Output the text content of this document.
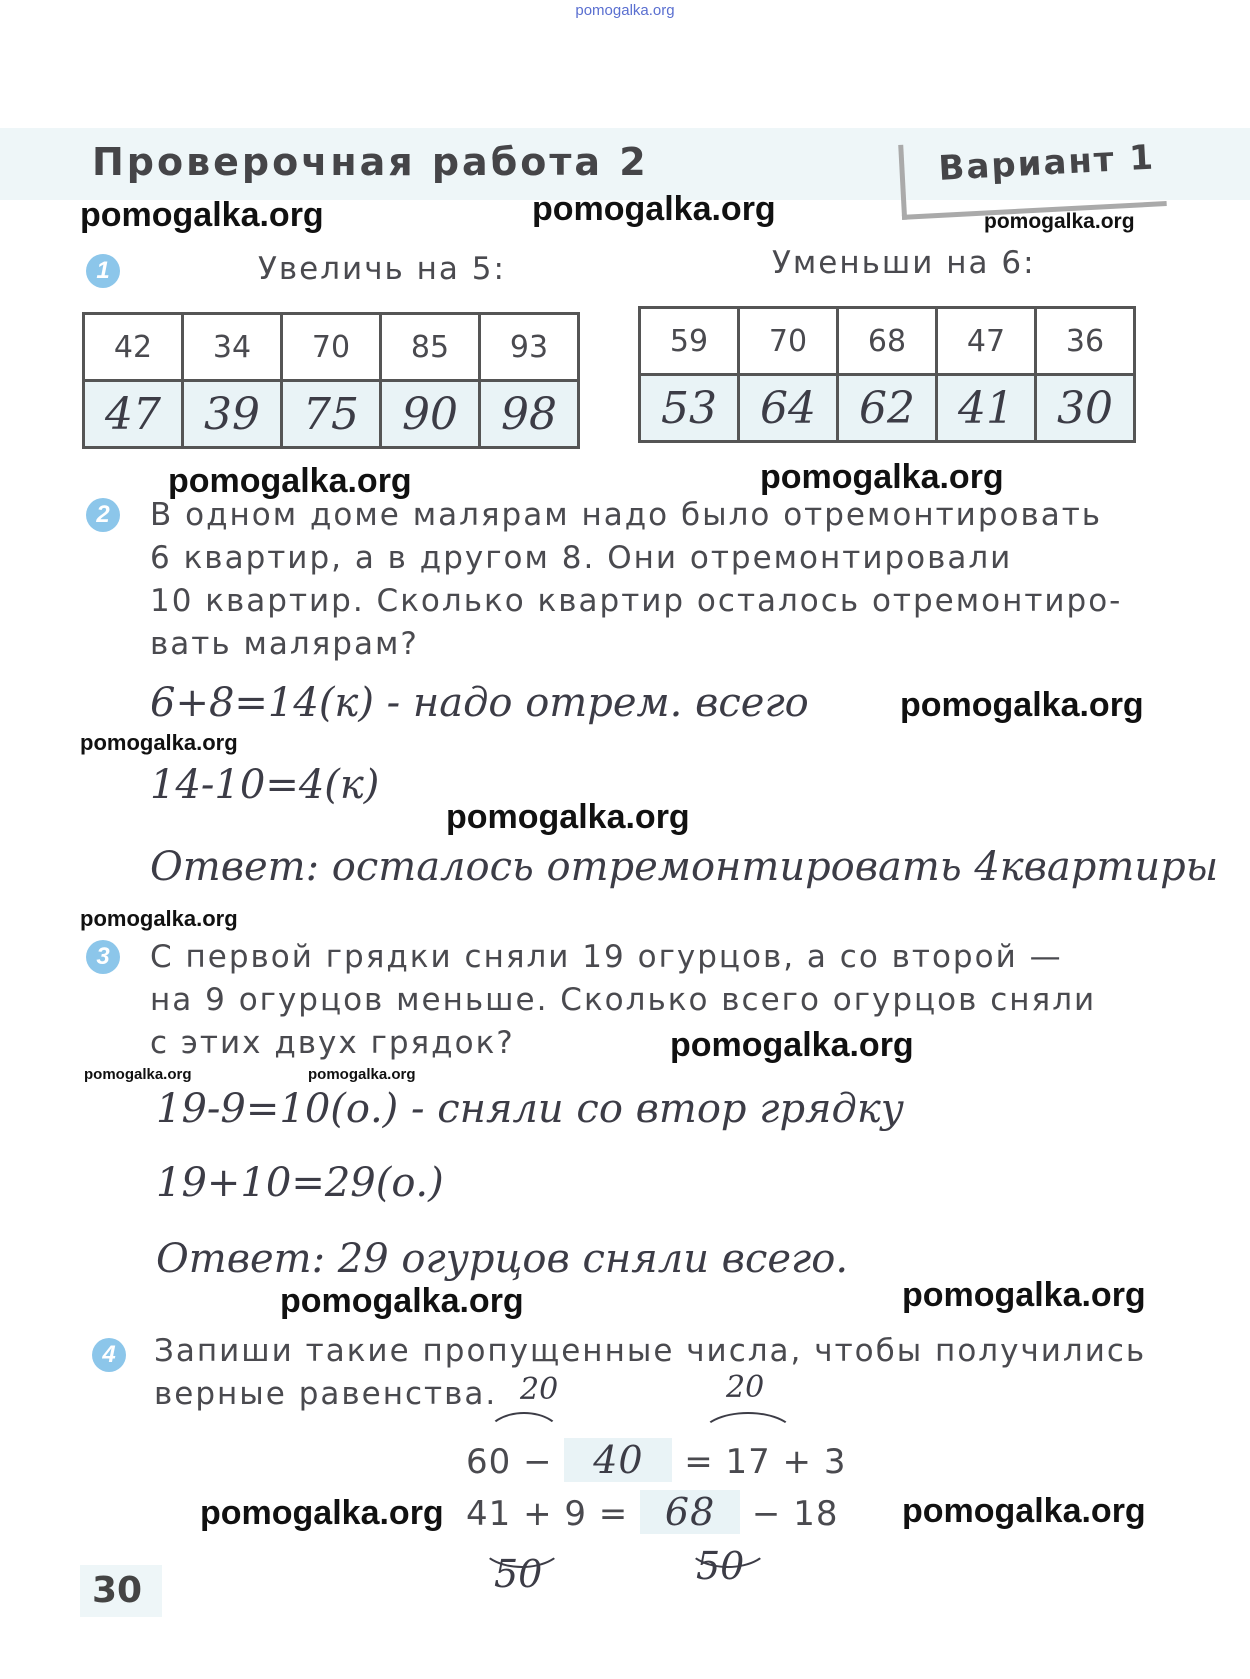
pomogalka.org
Проверочная работа 2	Вариант 1
pomogalka.org	pomogalka.org	pomogalka.org
1	Увеличь на 5:	Уменьши на 6:
42	34	70	85	93
47	39	75	90	98
59	70	68	47	36
53	64	62	41	30
pomogalka.org	pomogalka.org
2	В одном доме малярам надо было отремонтировать
6 квартир, а в другом 8. Они отремонтировали
10 квартир. Сколько квартир осталось отремонтиро-
вать малярам?
6+8=14(к) - надо отрем. всего	pomogalka.org
pomogalka.org
14-10=4(к)
pomogalka.org
Ответ: осталось отремонтировать 4квартиры
pomogalka.org
3	С первой грядки сняли 19 огурцов, а со второй —
на 9 огурцов меньше. Сколько всего огурцов сняли
с этих двух грядок?	pomogalka.org
pomogalka.org	pomogalka.org
19-9=10(о.) - сняли со втор грядку
19+10=29(о.)
Ответ: 29 огурцов сняли всего.
pomogalka.org	pomogalka.org
4	Запиши такие пропущенные числа, чтобы получились
верные равенства. 20	20
60 − 40 = 17 + 3
pomogalka.org 41 + 9 = 68 − 18 pomogalka.org
50	50
30
